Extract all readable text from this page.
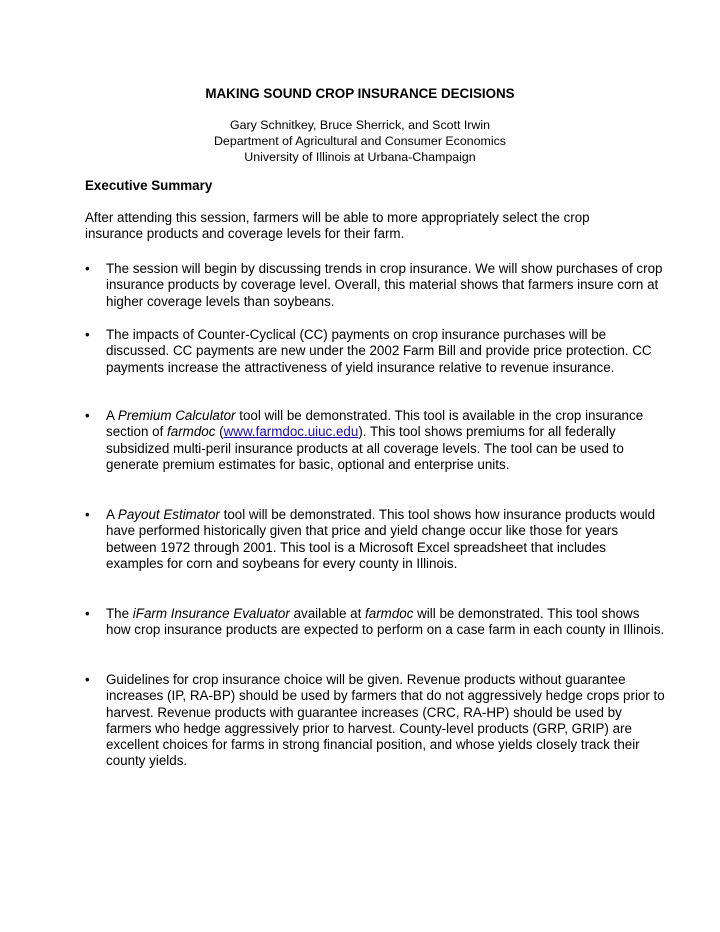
MAKING SOUND CROP INSURANCE DECISIONS
Gary Schnitkey, Bruce Sherrick, and Scott Irwin
Department of Agricultural and Consumer Economics
University of Illinois at Urbana-Champaign
Executive Summary

After attending this session, farmers will be able to more appropriately select the crop insurance products and coverage levels for their farm.

• The session will begin by discussing trends in crop insurance. We will show purchases of crop insurance products by coverage level. Overall, this material shows that farmers insure corn at higher coverage levels than soybeans.

• The impacts of Counter-Cyclical (CC) payments on crop insurance purchases will be discussed. CC payments are new under the 2002 Farm Bill and provide price protection. CC payments increase the attractiveness of yield insurance relative to revenue insurance.

• A Premium Calculator tool will be demonstrated. This tool is available in the crop insurance section of farmdoc (www.farmdoc.uiuc.edu). This tool shows premiums for all federally subsidized multi-peril insurance products at all coverage levels. The tool can be used to generate premium estimates for basic, optional and enterprise units.

• A Payout Estimator tool will be demonstrated. This tool shows how insurance products would have performed historically given that price and yield change occur like those for years between 1972 through 2001. This tool is a Microsoft Excel spreadsheet that includes examples for corn and soybeans for every county in Illinois.

• The iFarm Insurance Evaluator available at farmdoc will be demonstrated. This tool shows how crop insurance products are expected to perform on a case farm in each county in Illinois.

• Guidelines for crop insurance choice will be given. Revenue products without guarantee increases (IP, RA-BP) should be used by farmers that do not aggressively hedge crops prior to harvest. Revenue products with guarantee increases (CRC, RA-HP) should be used by farmers who hedge aggressively prior to harvest. County-level products (GRP, GRIP) are excellent choices for farms in strong financial position, and whose yields closely track their county yields.
